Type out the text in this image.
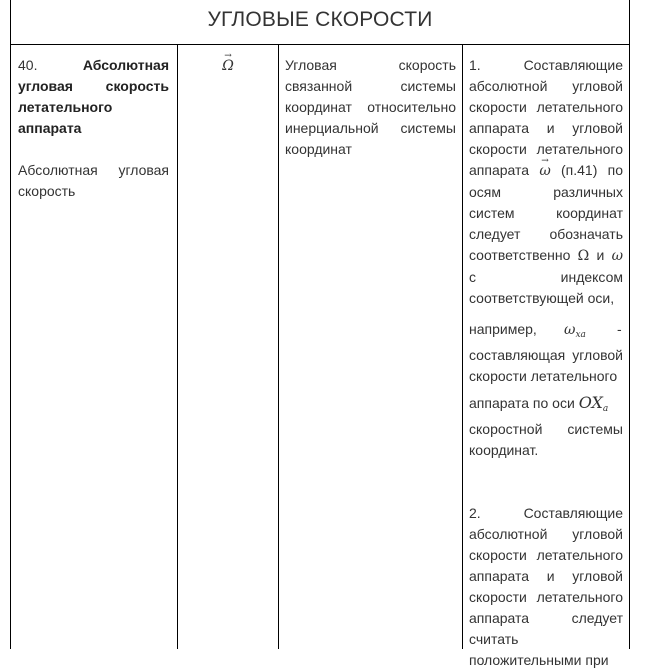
УГЛОВЫЕ СКОРОСТИ

40.	Абсолютная угловая скорость летательного аппарата

Абсолютная угловая скорость

→ Ω	Угловая скорость связанной системы координат относительно инерциальной системы координат

1. Составляющие абсолютной угловой скорости летательного аппарата и угловой скорости летательного аппарата → ω (п.41) по осям различных систем координат следует обозначать соответственно Ω и ω с индексом соответствующей оси,

например, $\omega_{xa}$ -

составляющая угловой скорости летательного

аппарата по оси $OX_a$

скоростной системы координат.

2. Составляющие абсолютной угловой скорости летательного аппарата и угловой скорости летательного аппарата следует считать положительными при
